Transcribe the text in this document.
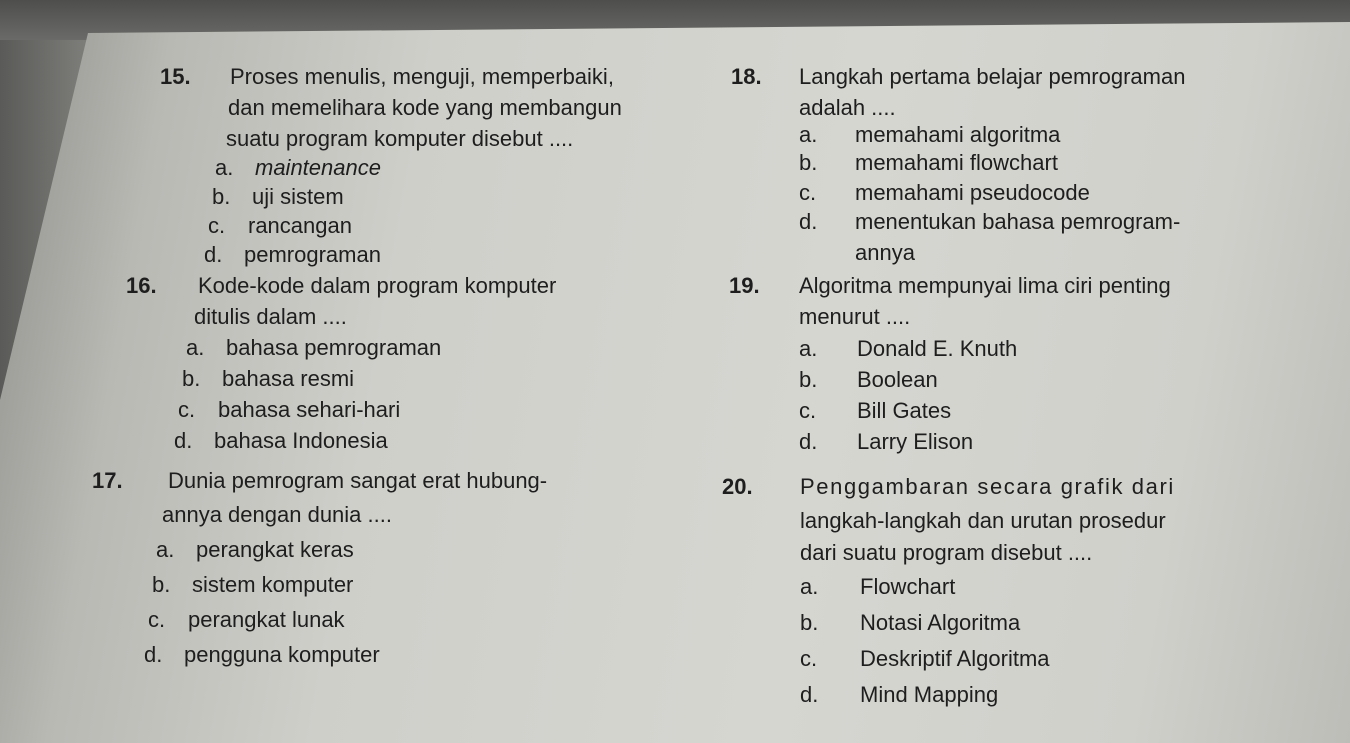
15. Proses menulis, menguji, memperbaiki,
dan memelihara kode yang membangun
suatu program komputer disebut ....
a. maintenance
b. uji sistem
c. rancangan
d. pemrograman
16. Kode-kode dalam program komputer
ditulis dalam ....
a. bahasa pemrograman
b. bahasa resmi
c. bahasa sehari-hari
d. bahasa Indonesia
17. Dunia pemrogram sangat erat hubung-
annya dengan dunia ....
a. perangkat keras
b. sistem komputer
c. perangkat lunak
d. pengguna komputer
18. Langkah pertama belajar pemrograman
adalah ....
a. memahami algoritma
b. memahami flowchart
c. memahami pseudocode
d. menentukan bahasa pemrogram-
annya
19. Algoritma mempunyai lima ciri penting
menurut ....
a. Donald E. Knuth
b. Boolean
c. Bill Gates
d. Larry Elison
20. Penggambaran secara grafik dari
langkah-langkah dan urutan prosedur
dari suatu program disebut ....
a. Flowchart
b. Notasi Algoritma
c. Deskriptif Algoritma
d. Mind Mapping
